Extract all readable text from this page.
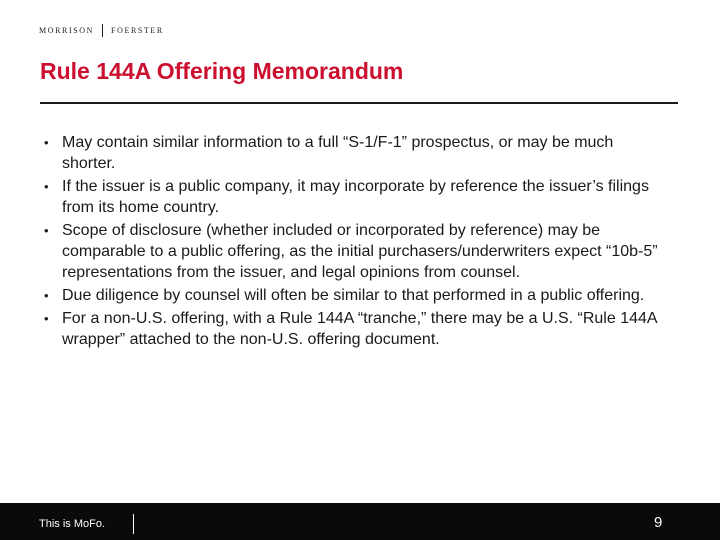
MORRISON FOERSTER
Rule 144A Offering Memorandum
• May contain similar information to a full “S-1/F-1” prospectus, or may be much shorter.
• If the issuer is a public company, it may incorporate by reference the issuer’s filings from its home country.
• Scope of disclosure (whether included or incorporated by reference) may be comparable to a public offering, as the initial purchasers/underwriters expect “10b-5” representations from the issuer, and legal opinions from counsel.
• Due diligence by counsel will often be similar to that performed in a public offering.
• For a non-U.S. offering, with a Rule 144A “tranche,” there may be a U.S. “Rule 144A wrapper” attached to the non-U.S. offering document.
This is MoFo.	9
